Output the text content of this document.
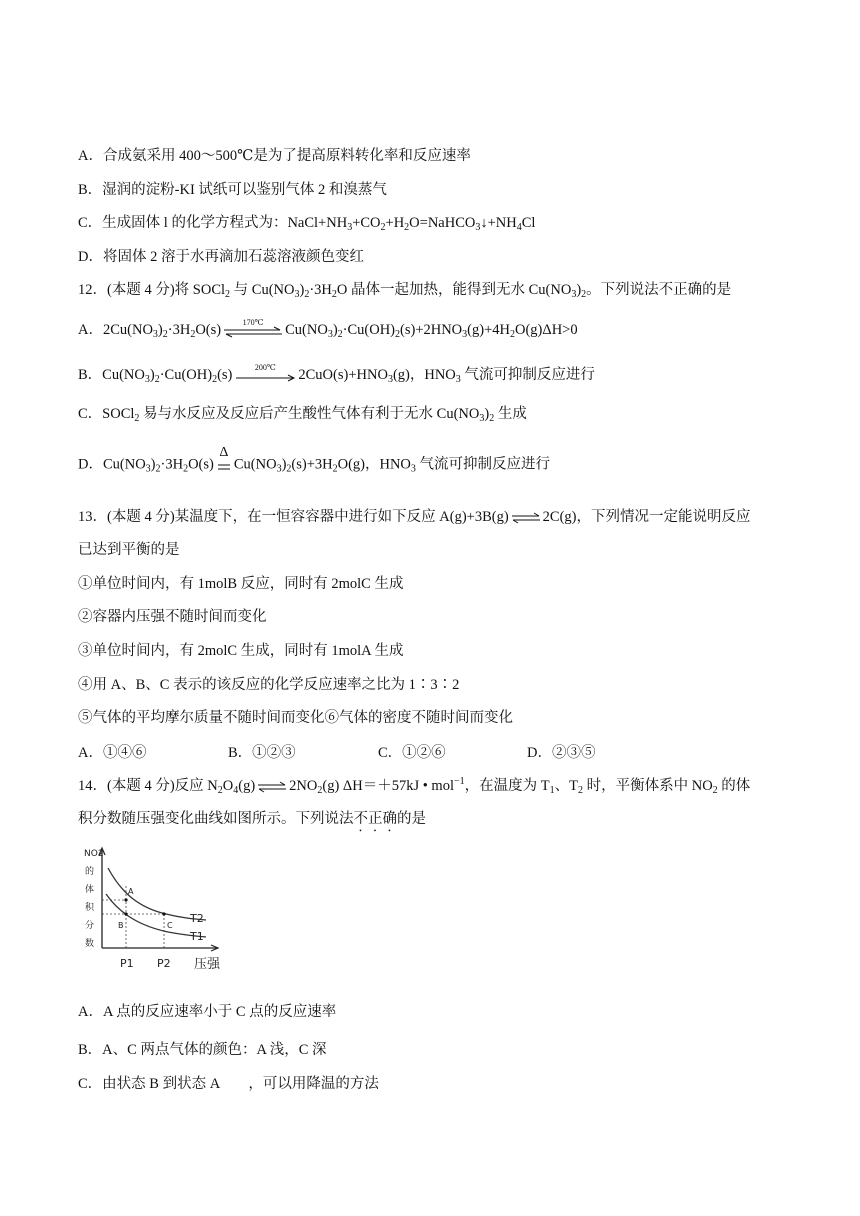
A．合成氨采用 400～500℃是为了提高原料转化率和反应速率
B．湿润的淀粉-KI 试纸可以鉴别气体 2 和溴蒸气
C．生成固体 l 的化学方程式为：$NaCl+NH_3+CO_2+H_2O=NaHCO_3↓+NH_4Cl$
D．将固体 2 溶于水再滴加石蕊溶液颜色变红
12．(本题 4 分)将 SOCl$_2$ 与 $Cu(NO_3)_2\cdot 3H_2O$ 晶体一起加热，能得到无水 $Cu(NO_3)_2$。下列说法不正确的是
A．$2Cu(NO_3)_2\cdot 3H_2O(s)$	170℃	$Cu(NO_3)_2\cdot Cu(OH)_2(s)+2HNO_3(g)+4H_2O(g)\Delta H>0$
B．$Cu(NO_3)_2\cdot Cu(OH)_2(s)$	200℃	$2CuO(s)+HNO_3(g)$，$HNO_3$ 气流可抑制反应进行
C．SOCl$_2$ 易与水反应及反应后产生酸性气体有利于无水 $Cu(NO_3)_2$ 生成
D．$Cu(NO_3)_2\cdot 3H_2O(s)$
Δ
$Cu(NO_3)_2(s)+3H_2O(g)$，$HNO_3$ 气流可抑制反应进行
13．(本题 4 分)某温度下，在一恒容容器中进行如下反应 A(g)+3B(g) ⇌ 2C(g)，下列情况一定能说明反应
已达到平衡的是
①单位时间内，有 1molB 反应，同时有 2molC 生成
②容器内压强不随时间而变化
③单位时间内，有 2molC 生成，同时有 1molA 生成
④用 A、B、C 表示的该反应的化学反应速率之比为 1∶3∶2
⑤气体的平均摩尔质量不随时间而变化⑥气体的密度不随时间而变化
A．①④⑥	B．①②③	C．①②⑥	D．②③⑤
14．(本题 4 分)反应 $N_2O_4(g)$ ⇌ $2NO_2(g)$ ΔH＝＋57kJ • mol$^{-1}$，在温度为 $T_1$、$T_2$ 时，平衡体系中 $NO_2$ 的体
积分数随压强变化曲线如图所示。下列说法不正确的是
NO2
的
体
积
分
数
A
B	C
T2
T1
P1 P2 压强
A．A 点的反应速率小于 C 点的反应速率
B．A、C 两点气体的颜色：A 浅，C 深
C．由状态 B 到状态 A　　，可以用降温的方法
